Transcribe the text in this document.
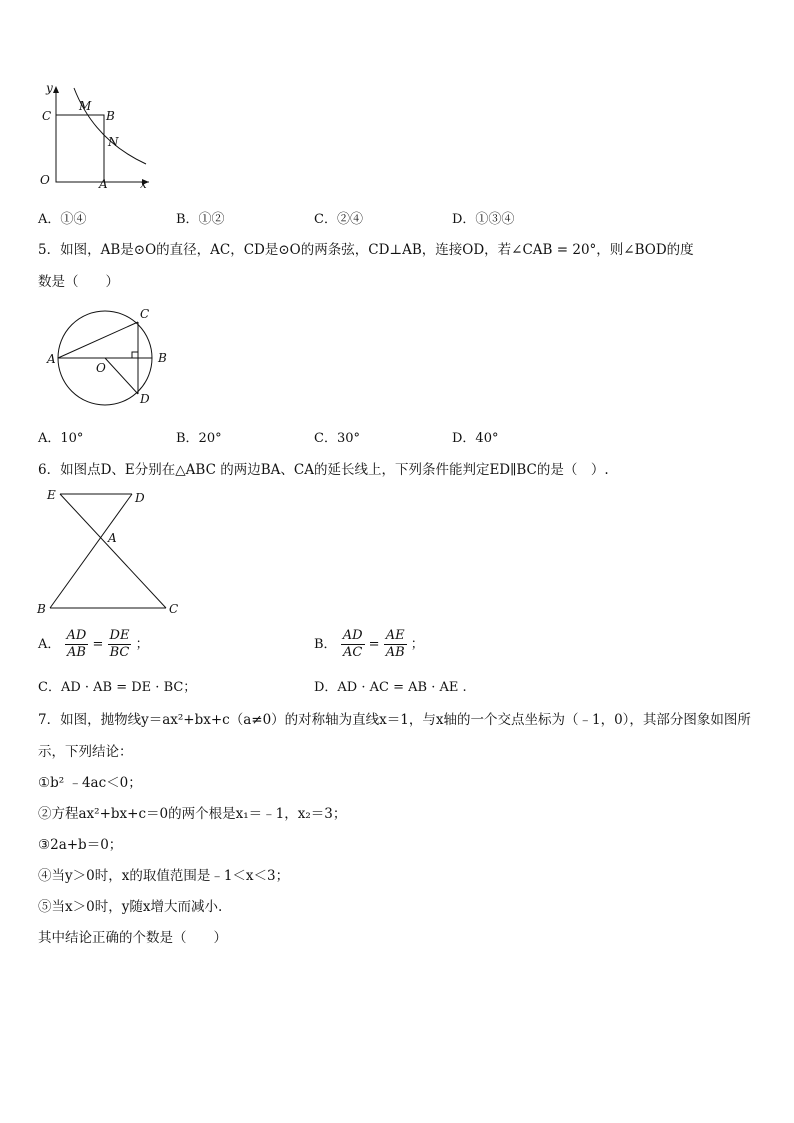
y
x
C
M
B
N
O	A
A．①④	B．①②	C．②④	D．①③④
5．如图，AB是⊙O的直径，AC，CD是⊙O的两条弦，CD⊥AB，连接OD，若∠CAB = 20°，则∠BOD的度
数是（　　）
A	B
C
D
O
A．10°	B．20°	C．30°	D．40°
6．如图点D、E分别在△ABC 的两边BA、CA的延长线上，下列条件能判定ED∥BC的是（　）.
E	D
A
B	C
A． $\frac{AD}{AB} = \frac{DE}{BC}$ ；	B． $\frac{AD}{AC} = \frac{AE}{AB}$ ；
C．AD · AB = DE · BC；	D．AD · AC = AB · AE .
7．如图，抛物线y＝ax²+bx+c（a≠0）的对称轴为直线x＝1，与x轴的一个交点坐标为（﹣1，0），其部分图象如图所
示，下列结论：
①b² ﹣4ac＜0；
②方程ax²+bx+c＝0的两个根是x₁＝﹣1，x₂＝3；
③2a+b＝0；
④当y＞0时，x的取值范围是﹣1＜x＜3；
⑤当x＞0时，y随x增大而减小.
其中结论正确的个数是（　　）
